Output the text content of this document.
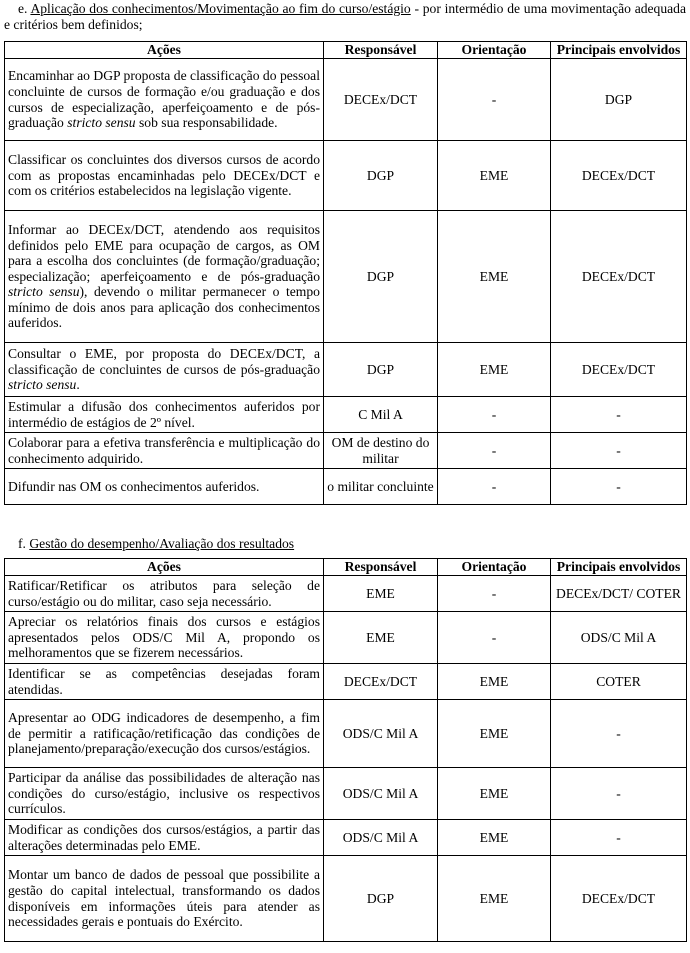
e. Aplicação dos conhecimentos/Movimentação ao fim do curso/estágio - por intermédio de uma movimentação adequada e critérios bem definidos;

Ações	Responsável	Orientação	Principais envolvidos
Encaminhar ao DGP proposta de classificação do pessoal concluinte de cursos de formação e/ou graduação e dos cursos de especialização, aperfeiçoamento e de pós-graduação stricto sensu sob sua responsabilidade.	DECEx/DCT	-	DGP
Classificar os concluintes dos diversos cursos de acordo com as propostas encaminhadas pelo DECEx/DCT e com os critérios estabelecidos na legislação vigente.	DGP	EME	DECEx/DCT
Informar ao DECEx/DCT, atendendo aos requisitos definidos pelo EME para ocupação de cargos, as OM para a escolha dos concluintes (de formação/graduação; especialização; aperfeiçoamento e de pós-graduação stricto sensu), devendo o militar permanecer o tempo mínimo de dois anos para aplicação dos conhecimentos auferidos.	DGP	EME	DECEx/DCT
Consultar o EME, por proposta do DECEx/DCT, a classificação de concluintes de cursos de pós-graduação stricto sensu.	DGP	EME	DECEx/DCT
Estimular a difusão dos conhecimentos auferidos por intermédio de estágios de 2º nível.	C Mil A	-	-
Colaborar para a efetiva transferência e multiplicação do conhecimento adquirido.	OM de destino do militar	-	-
Difundir nas OM os conhecimentos auferidos.	o militar concluinte	-	-

f. Gestão do desempenho/Avaliação dos resultados

Ações	Responsável	Orientação	Principais envolvidos
Ratificar/Retificar os atributos para seleção de curso/estágio ou do militar, caso seja necessário.	EME	-	DECEx/DCT/ COTER
Apreciar os relatórios finais dos cursos e estágios apresentados pelos ODS/C Mil A, propondo os melhoramentos que se fizerem necessários.	EME	-	ODS/C Mil A
Identificar se as competências desejadas foram atendidas.	DECEx/DCT	EME	COTER
Apresentar ao ODG indicadores de desempenho, a fim de permitir a ratificação/retificação das condições de planejamento/preparação/execução dos cursos/estágios.	ODS/C Mil A	EME	-
Participar da análise das possibilidades de alteração nas condições do curso/estágio, inclusive os respectivos currículos.	ODS/C Mil A	EME	-
Modificar as condições dos cursos/estágios, a partir das alterações determinadas pelo EME.	ODS/C Mil A	EME	-
Montar um banco de dados de pessoal que possibilite a gestão do capital intelectual, transformando os dados disponíveis em informações úteis para atender as necessidades gerais e pontuais do Exército.	DGP	EME	DECEx/DCT
